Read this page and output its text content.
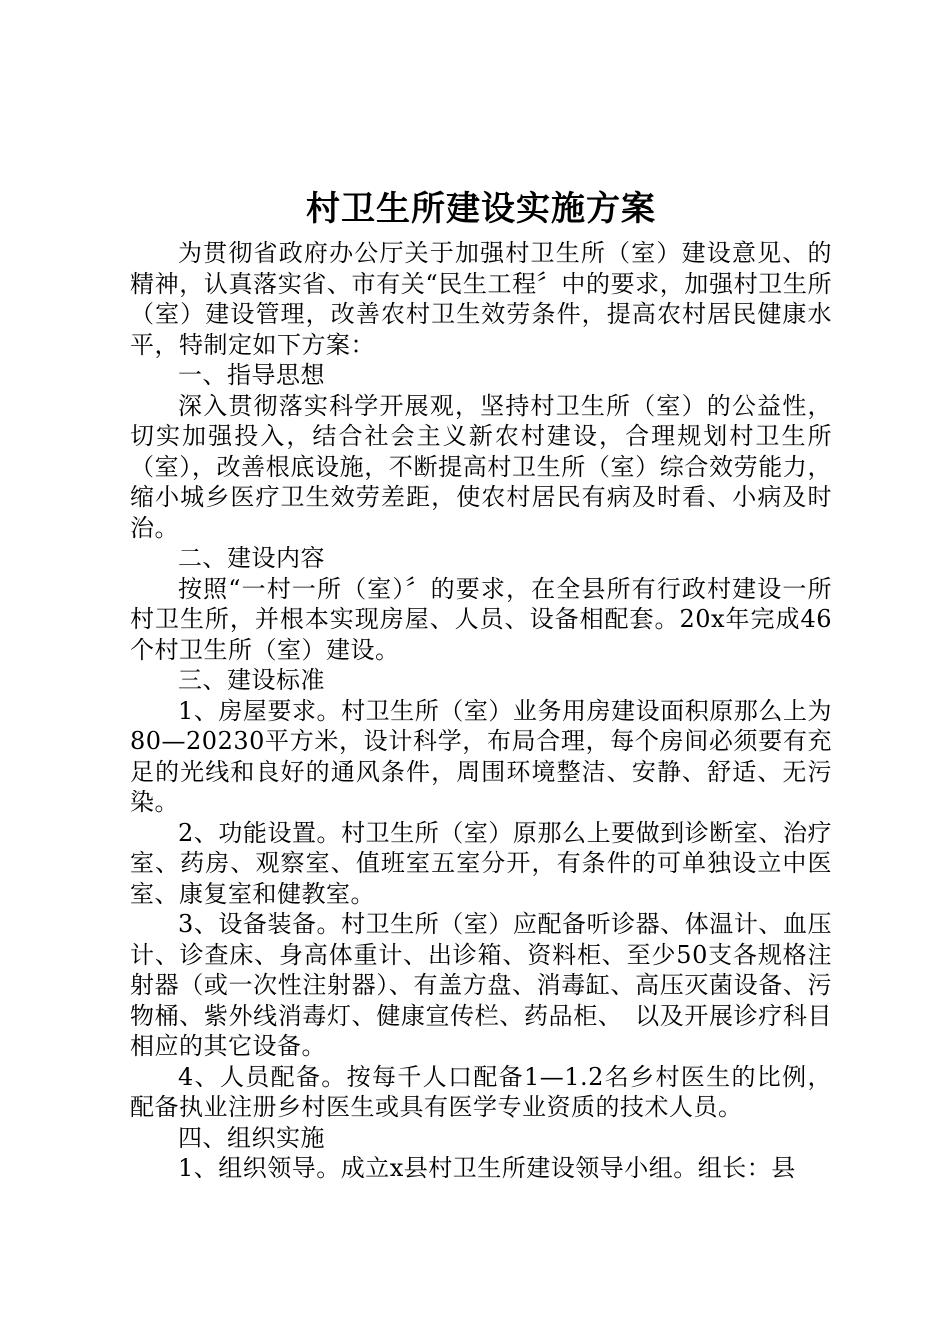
村卫生所建设实施方案

为贯彻省政府办公厅关于加强村卫生所（室）建设意见、的精神，认真落实省、市有关“民生工程〞中的要求，加强村卫生所（室）建设管理，改善农村卫生效劳条件，提高农村居民健康水平，特制定如下方案：

一、指导思想

深入贯彻落实科学开展观，坚持村卫生所（室）的公益性，切实加强投入，结合社会主义新农村建设，合理规划村卫生所（室），改善根底设施，不断提高村卫生所（室）综合效劳能力，缩小城乡医疗卫生效劳差距，使农村居民有病及时看、小病及时治。

二、建设内容

按照“一村一所（室）〞的要求，在全县所有行政村建设一所村卫生所，并根本实现房屋、人员、设备相配套。20x年完成46个村卫生所（室）建设。

三、建设标准

1、房屋要求。村卫生所（室）业务用房建设面积原那么上为80—20230平方米，设计科学，布局合理，每个房间必须要有充足的光线和良好的通风条件，周围环境整洁、安静、舒适、无污染。

2、功能设置。村卫生所（室）原那么上要做到诊断室、治疗室、药房、观察室、值班室五室分开，有条件的可单独设立中医室、康复室和健教室。

3、设备装备。村卫生所（室）应配备听诊器、体温计、血压计、诊查床、身高体重计、出诊箱、资料柜、至少50支各规格注射器（或一次性注射器）、有盖方盘、消毒缸、高压灭菌设备、污物桶、紫外线消毒灯、健康宣传栏、药品柜、　以及开展诊疗科目相应的其它设备。

4、人员配备。按每千人口配备1—1.2名乡村医生的比例，配备执业注册乡村医生或具有医学专业资质的技术人员。

四、组织实施

1、组织领导。成立x县村卫生所建设领导小组。组长：县
